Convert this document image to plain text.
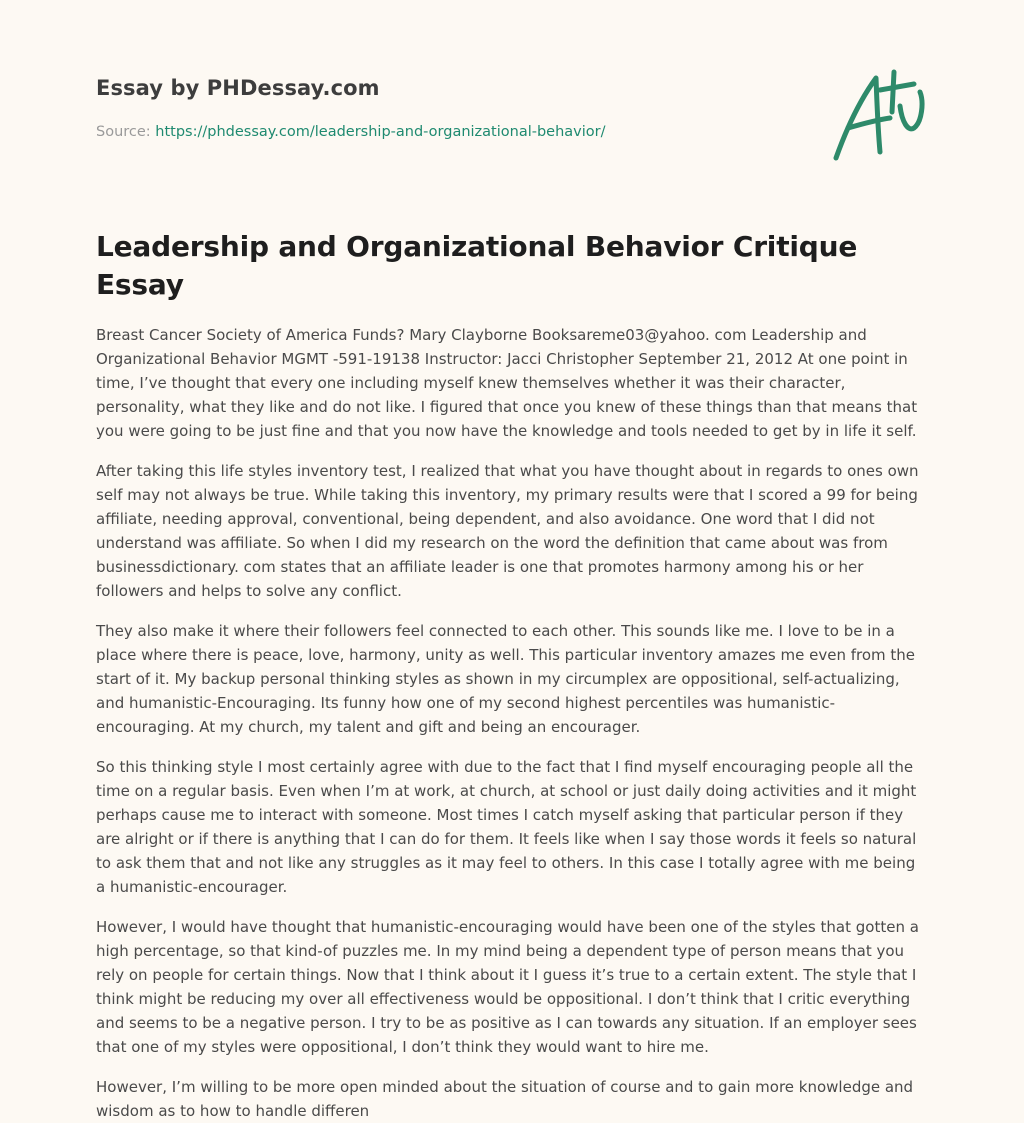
Essay by PHDessay.com

Source: https://phdessay.com/leadership-and-organizational-behavior/

Leadership and Organizational Behavior Critique Essay

Breast Cancer Society of America Funds? Mary Clayborne Booksareme03@yahoo. com Leadership and Organizational Behavior MGMT -591-19138 Instructor: Jacci Christopher September 21, 2012 At one point in time, I’ve thought that every one including myself knew themselves whether it was their character, personality, what they like and do not like. I figured that once you knew of these things than that means that you were going to be just fine and that you now have the knowledge and tools needed to get by in life it self.

After taking this life styles inventory test, I realized that what you have thought about in regards to ones own self may not always be true. While taking this inventory, my primary results were that I scored a 99 for being affiliate, needing approval, conventional, being dependent, and also avoidance. One word that I did not understand was affiliate. So when I did my research on the word the definition that came about was from businessdictionary. com states that an affiliate leader is one that promotes harmony among his or her followers and helps to solve any conflict.

They also make it where their followers feel connected to each other. This sounds like me. I love to be in a place where there is peace, love, harmony, unity as well. This particular inventory amazes me even from the start of it. My backup personal thinking styles as shown in my circumplex are oppositional, self-actualizing, and humanistic-Encouraging. Its funny how one of my second highest percentiles was humanistic-encouraging. At my church, my talent and gift and being an encourager.

So this thinking style I most certainly agree with due to the fact that I find myself encouraging people all the time on a regular basis. Even when I’m at work, at church, at school or just daily doing activities and it might perhaps cause me to interact with someone. Most times I catch myself asking that particular person if they are alright or if there is anything that I can do for them. It feels like when I say those words it feels so natural to ask them that and not like any struggles as it may feel to others. In this case I totally agree with me being a humanistic-encourager.

However, I would have thought that humanistic-encouraging would have been one of the styles that gotten a high percentage, so that kind-of puzzles me. In my mind being a dependent type of person means that you rely on people for certain things. Now that I think about it I guess it’s true to a certain extent. The style that I think might be reducing my over all effectiveness would be oppositional. I don’t think that I critic everything and seems to be a negative person. I try to be as positive as I can towards any situation. If an employer sees that one of my styles were oppositional, I don’t think they would want to hire me.

However, I’m willing to be more open minded about the situation of course and to gain more knowledge and wisdom as to how to handle differen
